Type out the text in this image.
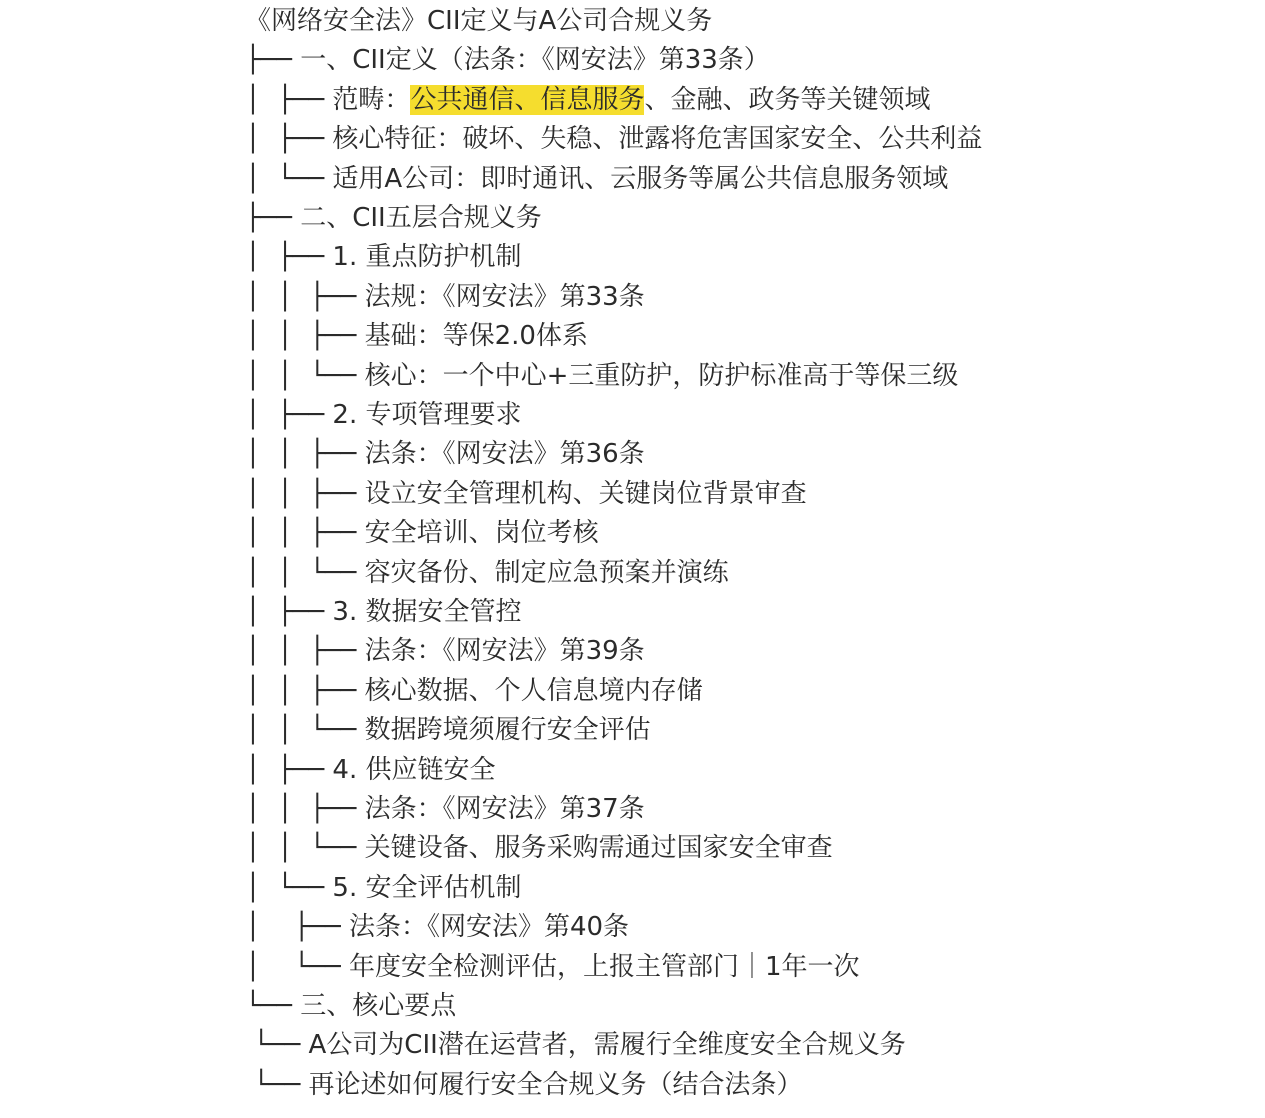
《网络安全法》CII定义与A公司合规义务
├── 一、CII定义（法条：《网安法》第33条）
│  ├── 范畴：公共通信、信息服务、金融、政务等关键领域
│  ├── 核心特征：破坏、失稳、泄露将危害国家安全、公共利益
│  └── 适用A公司：即时通讯、云服务等属公共信息服务领域
├── 二、CII五层合规义务
│  ├── 1. 重点防护机制
│  │  ├── 法规：《网安法》第33条
│  │  ├── 基础：等保2.0体系
│  │  └── 核心：一个中心+三重防护，防护标准高于等保三级
│  ├── 2. 专项管理要求
│  │  ├── 法条：《网安法》第36条
│  │  ├── 设立安全管理机构、关键岗位背景审查
│  │  ├── 安全培训、岗位考核
│  │  └── 容灾备份、制定应急预案并演练
│  ├── 3. 数据安全管控
│  │  ├── 法条：《网安法》第39条
│  │  ├── 核心数据、个人信息境内存储
│  │  └── 数据跨境须履行安全评估
│  ├── 4. 供应链安全
│  │  ├── 法条：《网安法》第37条
│  │  └── 关键设备、服务采购需通过国家安全审查
│  └── 5. 安全评估机制
│    ├── 法条：《网安法》第40条
│    └── 年度安全检测评估，上报主管部门｜1年一次
└── 三、核心要点
└── A公司为CII潜在运营者，需履行全维度安全合规义务
└── 再论述如何履行安全合规义务（结合法条）
